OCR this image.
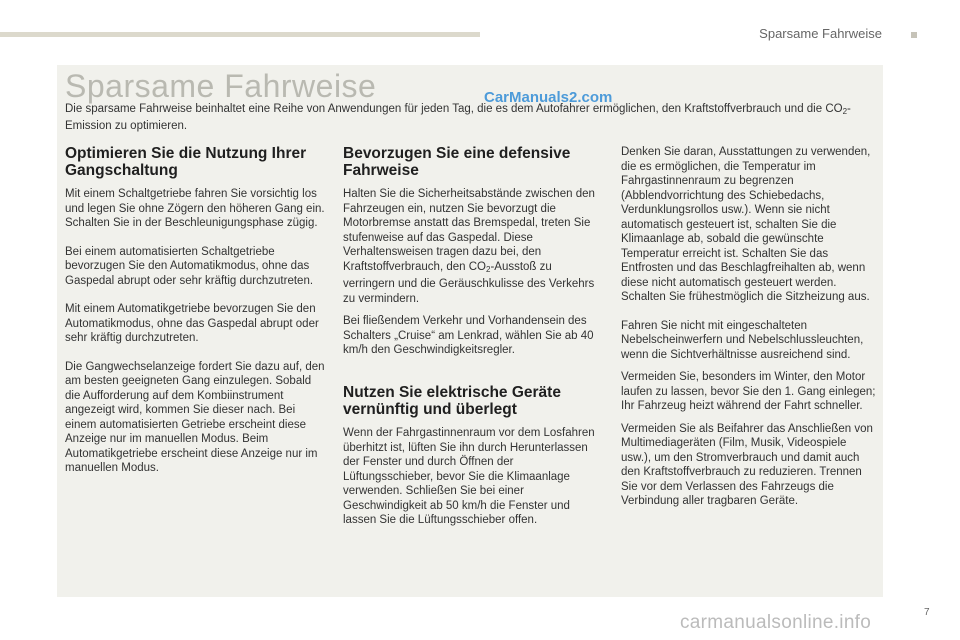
Sparsame Fahrweise
Sparsame Fahrweise	CarManuals2.com
Die sparsame Fahrweise beinhaltet eine Reihe von Anwendungen für jeden Tag, die es dem Autofahrer ermöglichen, den Kraftstoffverbrauch und die $CO_2$-Emission zu optimieren.
Optimieren Sie die Nutzung Ihrer Gangschaltung

Mit einem Schaltgetriebe fahren Sie vorsichtig los und legen Sie ohne Zögern den höheren Gang ein. Schalten Sie in der Beschleunigungsphase zügig.

Bei einem automatisierten Schaltgetriebe bevorzugen Sie den Automatikmodus, ohne das Gaspedal abrupt oder sehr kräftig durchzutreten.

Mit einem Automatikgetriebe bevorzugen Sie den Automatikmodus, ohne das Gaspedal abrupt oder sehr kräftig durchzutreten.

Die Gangwechselanzeige fordert Sie dazu auf, den am besten geeigneten Gang einzulegen. Sobald die Aufforderung auf dem Kombiinstrument angezeigt wird, kommen Sie dieser nach. Bei einem automatisierten Getriebe erscheint diese Anzeige nur im manuellen Modus. Beim Automatikgetriebe erscheint diese Anzeige nur im manuellen Modus.

Bevorzugen Sie eine defensive Fahrweise

Halten Sie die Sicherheitsabstände zwischen den Fahrzeugen ein, nutzen Sie bevorzugt die Motorbremse anstatt das Bremspedal, treten Sie stufenweise auf das Gaspedal. Diese Verhaltensweisen tragen dazu bei, den Kraftstoffverbrauch, den $CO_2$-Ausstoß zu verringern und die Geräuschkulisse des Verkehrs zu vermindern.

Bei fließendem Verkehr und Vorhandensein des Schalters „Cruise“ am Lenkrad, wählen Sie ab 40 km/h den Geschwindigkeitsregler.

Nutzen Sie elektrische Geräte vernünftig und überlegt

Wenn der Fahrgastinnenraum vor dem Losfahren überhitzt ist, lüften Sie ihn durch Herunterlassen der Fenster und durch Öffnen der Lüftungsschieber, bevor Sie die Klimaanlage verwenden. Schließen Sie bei einer Geschwindigkeit ab 50 km/h die Fenster und lassen Sie die Lüftungsschieber offen.

Denken Sie daran, Ausstattungen zu verwenden, die es ermöglichen, die Temperatur im Fahrgastinnenraum zu begrenzen (Abblendvorrichtung des Schiebedachs, Verdunklungsrollos usw.). Wenn sie nicht automatisch gesteuert ist, schalten Sie die Klimaanlage ab, sobald die gewünschte Temperatur erreicht ist. Schalten Sie das Entfrosten und das Beschlagfreihalten ab, wenn diese nicht automatisch gesteuert werden. Schalten Sie frühestmöglich die Sitzheizung aus.

Fahren Sie nicht mit eingeschalteten Nebelscheinwerfern und Nebelschlussleuchten, wenn die Sichtverhältnisse ausreichend sind.

Vermeiden Sie, besonders im Winter, den Motor laufen zu lassen, bevor Sie den 1. Gang einlegen; Ihr Fahrzeug heizt während der Fahrt schneller.

Vermeiden Sie als Beifahrer das Anschließen von Multimediageräten (Film, Musik, Videospiele usw.), um den Stromverbrauch und damit auch den Kraftstoffverbrauch zu reduzieren. Trennen Sie vor dem Verlassen des Fahrzeugs die Verbindung aller tragbaren Geräte.

carmanualsonline.info	7
